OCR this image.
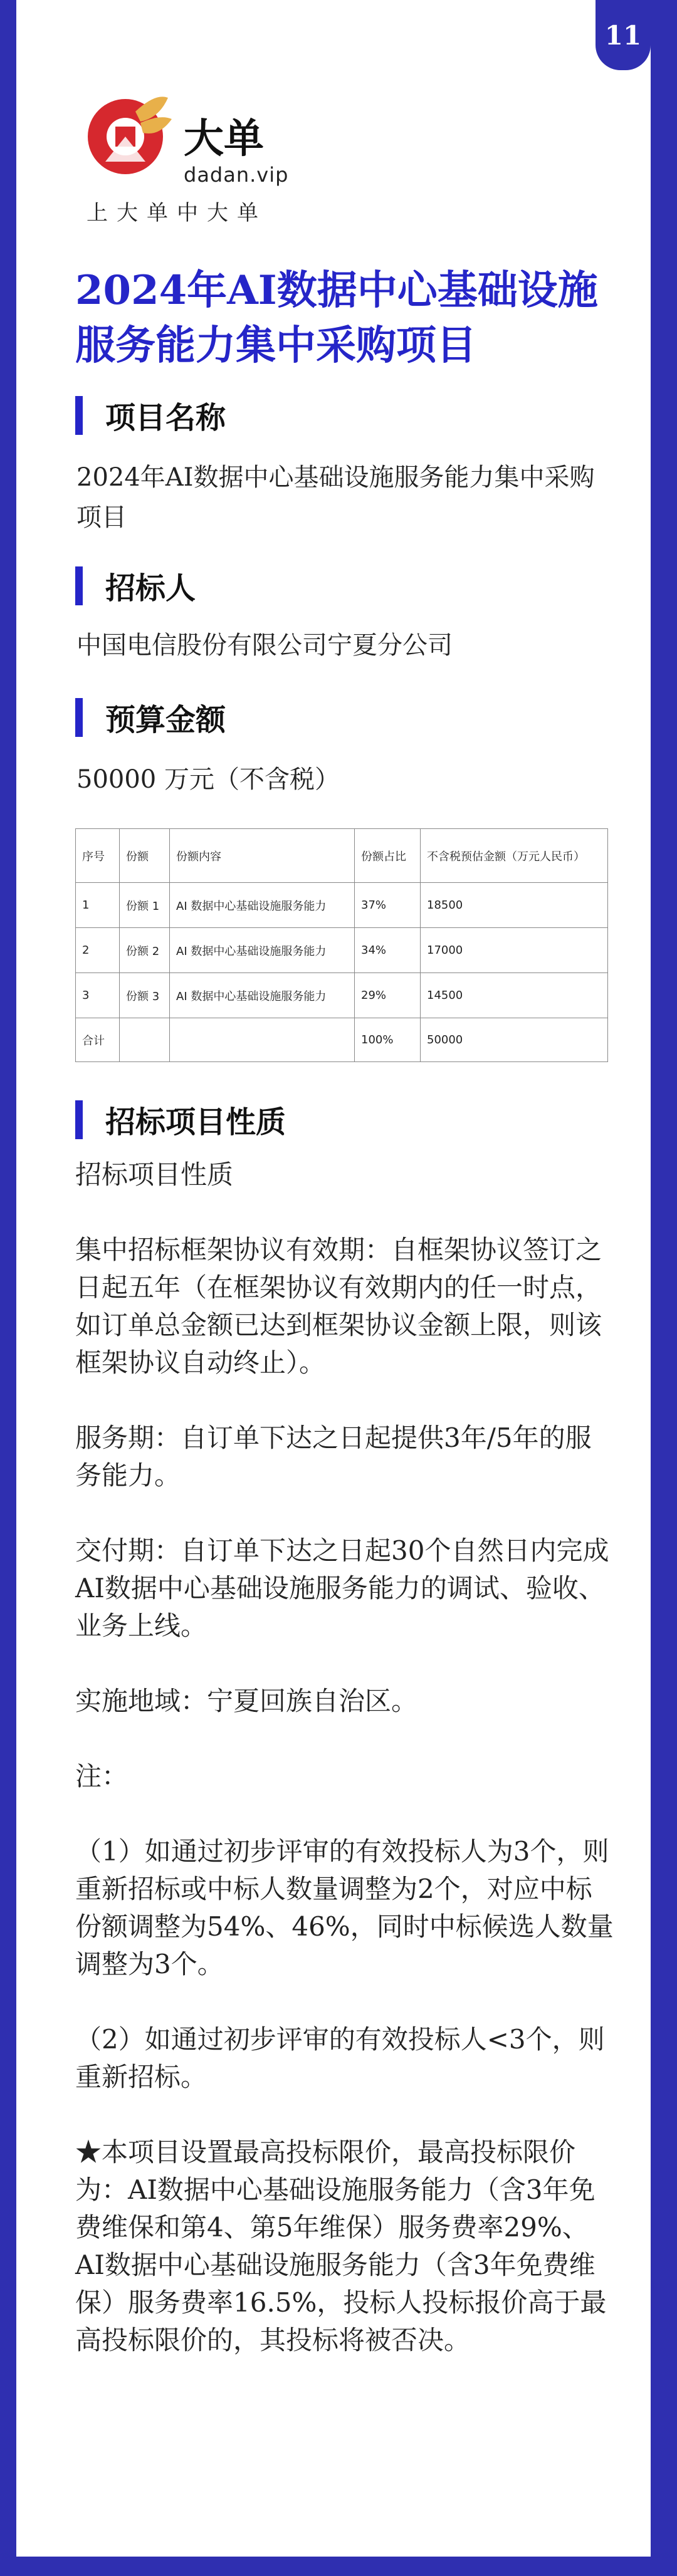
11
大单
dadan.vip
上大单中大单
2024年AI数据中心基础设施服务能力集中采购项目
项目名称
2024年AI数据中心基础设施服务能力集中采购项目
招标人
中国电信股份有限公司宁夏分公司
预算金额
50000 万元（不含税）
序号	份额	份额内容	份额占比	不含税预估金额（万元人民币）
1	份额 1	AI 数据中心基础设施服务能力	37%	18500
2	份额 2	AI 数据中心基础设施服务能力	34%	17000
3	份额 3	AI 数据中心基础设施服务能力	29%	14500
合计			100%	50000
招标项目性质
招标项目性质

集中招标框架协议有效期：自框架协议签订之日起五年（在框架协议有效期内的任一时点，如订单总金额已达到框架协议金额上限，则该框架协议自动终止）。

服务期：自订单下达之日起提供3年/5年的服务能力。

交付期：自订单下达之日起30个自然日内完成AI数据中心基础设施服务能力的调试、验收、业务上线。

实施地域：宁夏回族自治区。

注：

（1）如通过初步评审的有效投标人为3个，则重新招标或中标人数量调整为2个，对应中标份额调整为54%、46%，同时中标候选人数量调整为3个。

（2）如通过初步评审的有效投标人<3个，则重新招标。

★本项目设置最高投标限价，最高投标限价为：AI数据中心基础设施服务能力（含3年免费维保和第4、第5年维保）服务费率29%、AI数据中心基础设施服务能力（含3年免费维保）服务费率16.5%，投标人投标报价高于最高投标限价的，其投标将被否决。
